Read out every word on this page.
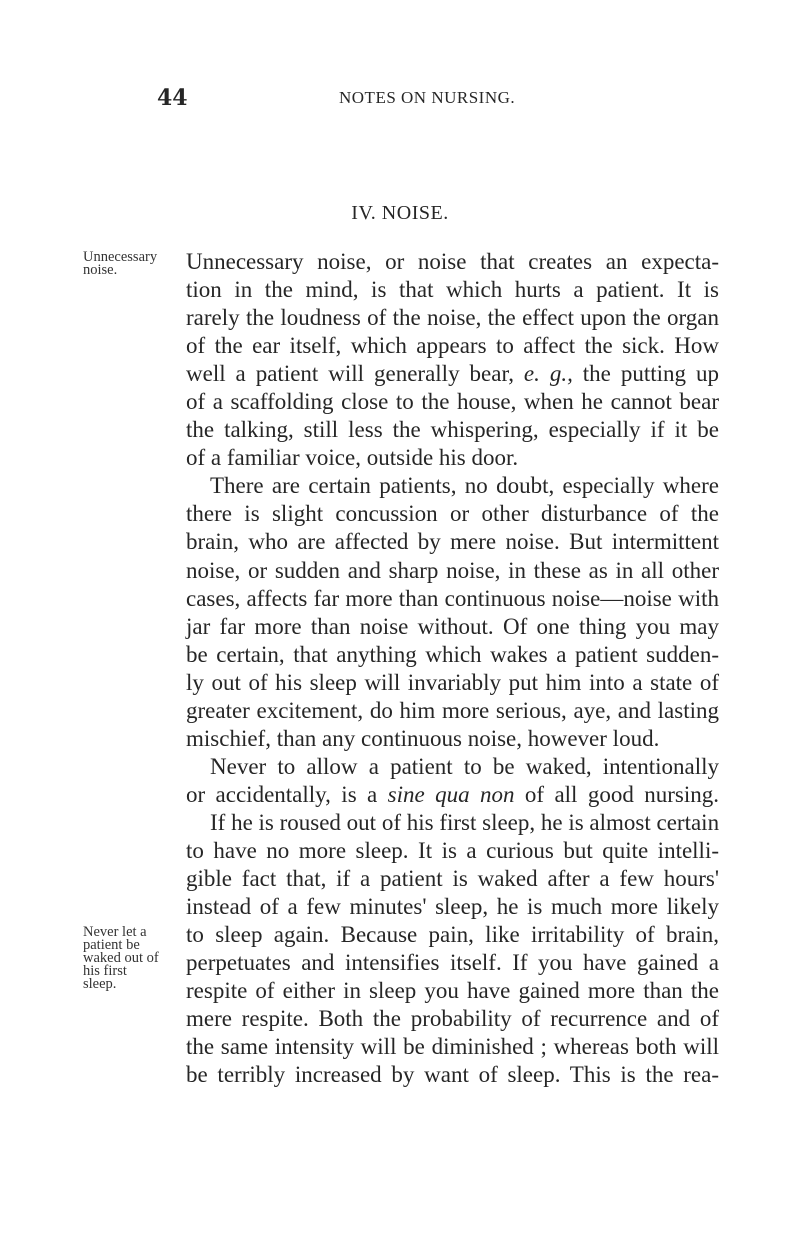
44	NOTES ON NURSING.
IV. NOISE.
Unnecessary
noise.
Never let a
patient be
waked out of
his first
sleep.
Unnecessary noise, or noise that creates an expecta-
tion in the mind, is that which hurts a patient. It is
rarely the loudness of the noise, the effect upon the organ
of the ear itself, which appears to affect the sick. How
well a patient will generally bear, e. g., the putting up
of a scaffolding close to the house, when he cannot bear
the talking, still less the whispering, especially if it be
of a familiar voice, outside his door.
There are certain patients, no doubt, especially where
there is slight concussion or other disturbance of the
brain, who are affected by mere noise. But intermittent
noise, or sudden and sharp noise, in these as in all other
cases, affects far more than continuous noise—noise with
jar far more than noise without. Of one thing you may
be certain, that anything which wakes a patient sudden-
ly out of his sleep will invariably put him into a state of
greater excitement, do him more serious, aye, and lasting
mischief, than any continuous noise, however loud.
Never to allow a patient to be waked, intentionally
or accidentally, is a sine qua non of all good nursing.
If he is roused out of his first sleep, he is almost certain
to have no more sleep. It is a curious but quite intelli-
gible fact that, if a patient is waked after a few hours'
instead of a few minutes' sleep, he is much more likely
to sleep again. Because pain, like irritability of brain,
perpetuates and intensifies itself. If you have gained a
respite of either in sleep you have gained more than the
mere respite. Both the probability of recurrence and of
the same intensity will be diminished ; whereas both will
be terribly increased by want of sleep. This is the rea-
